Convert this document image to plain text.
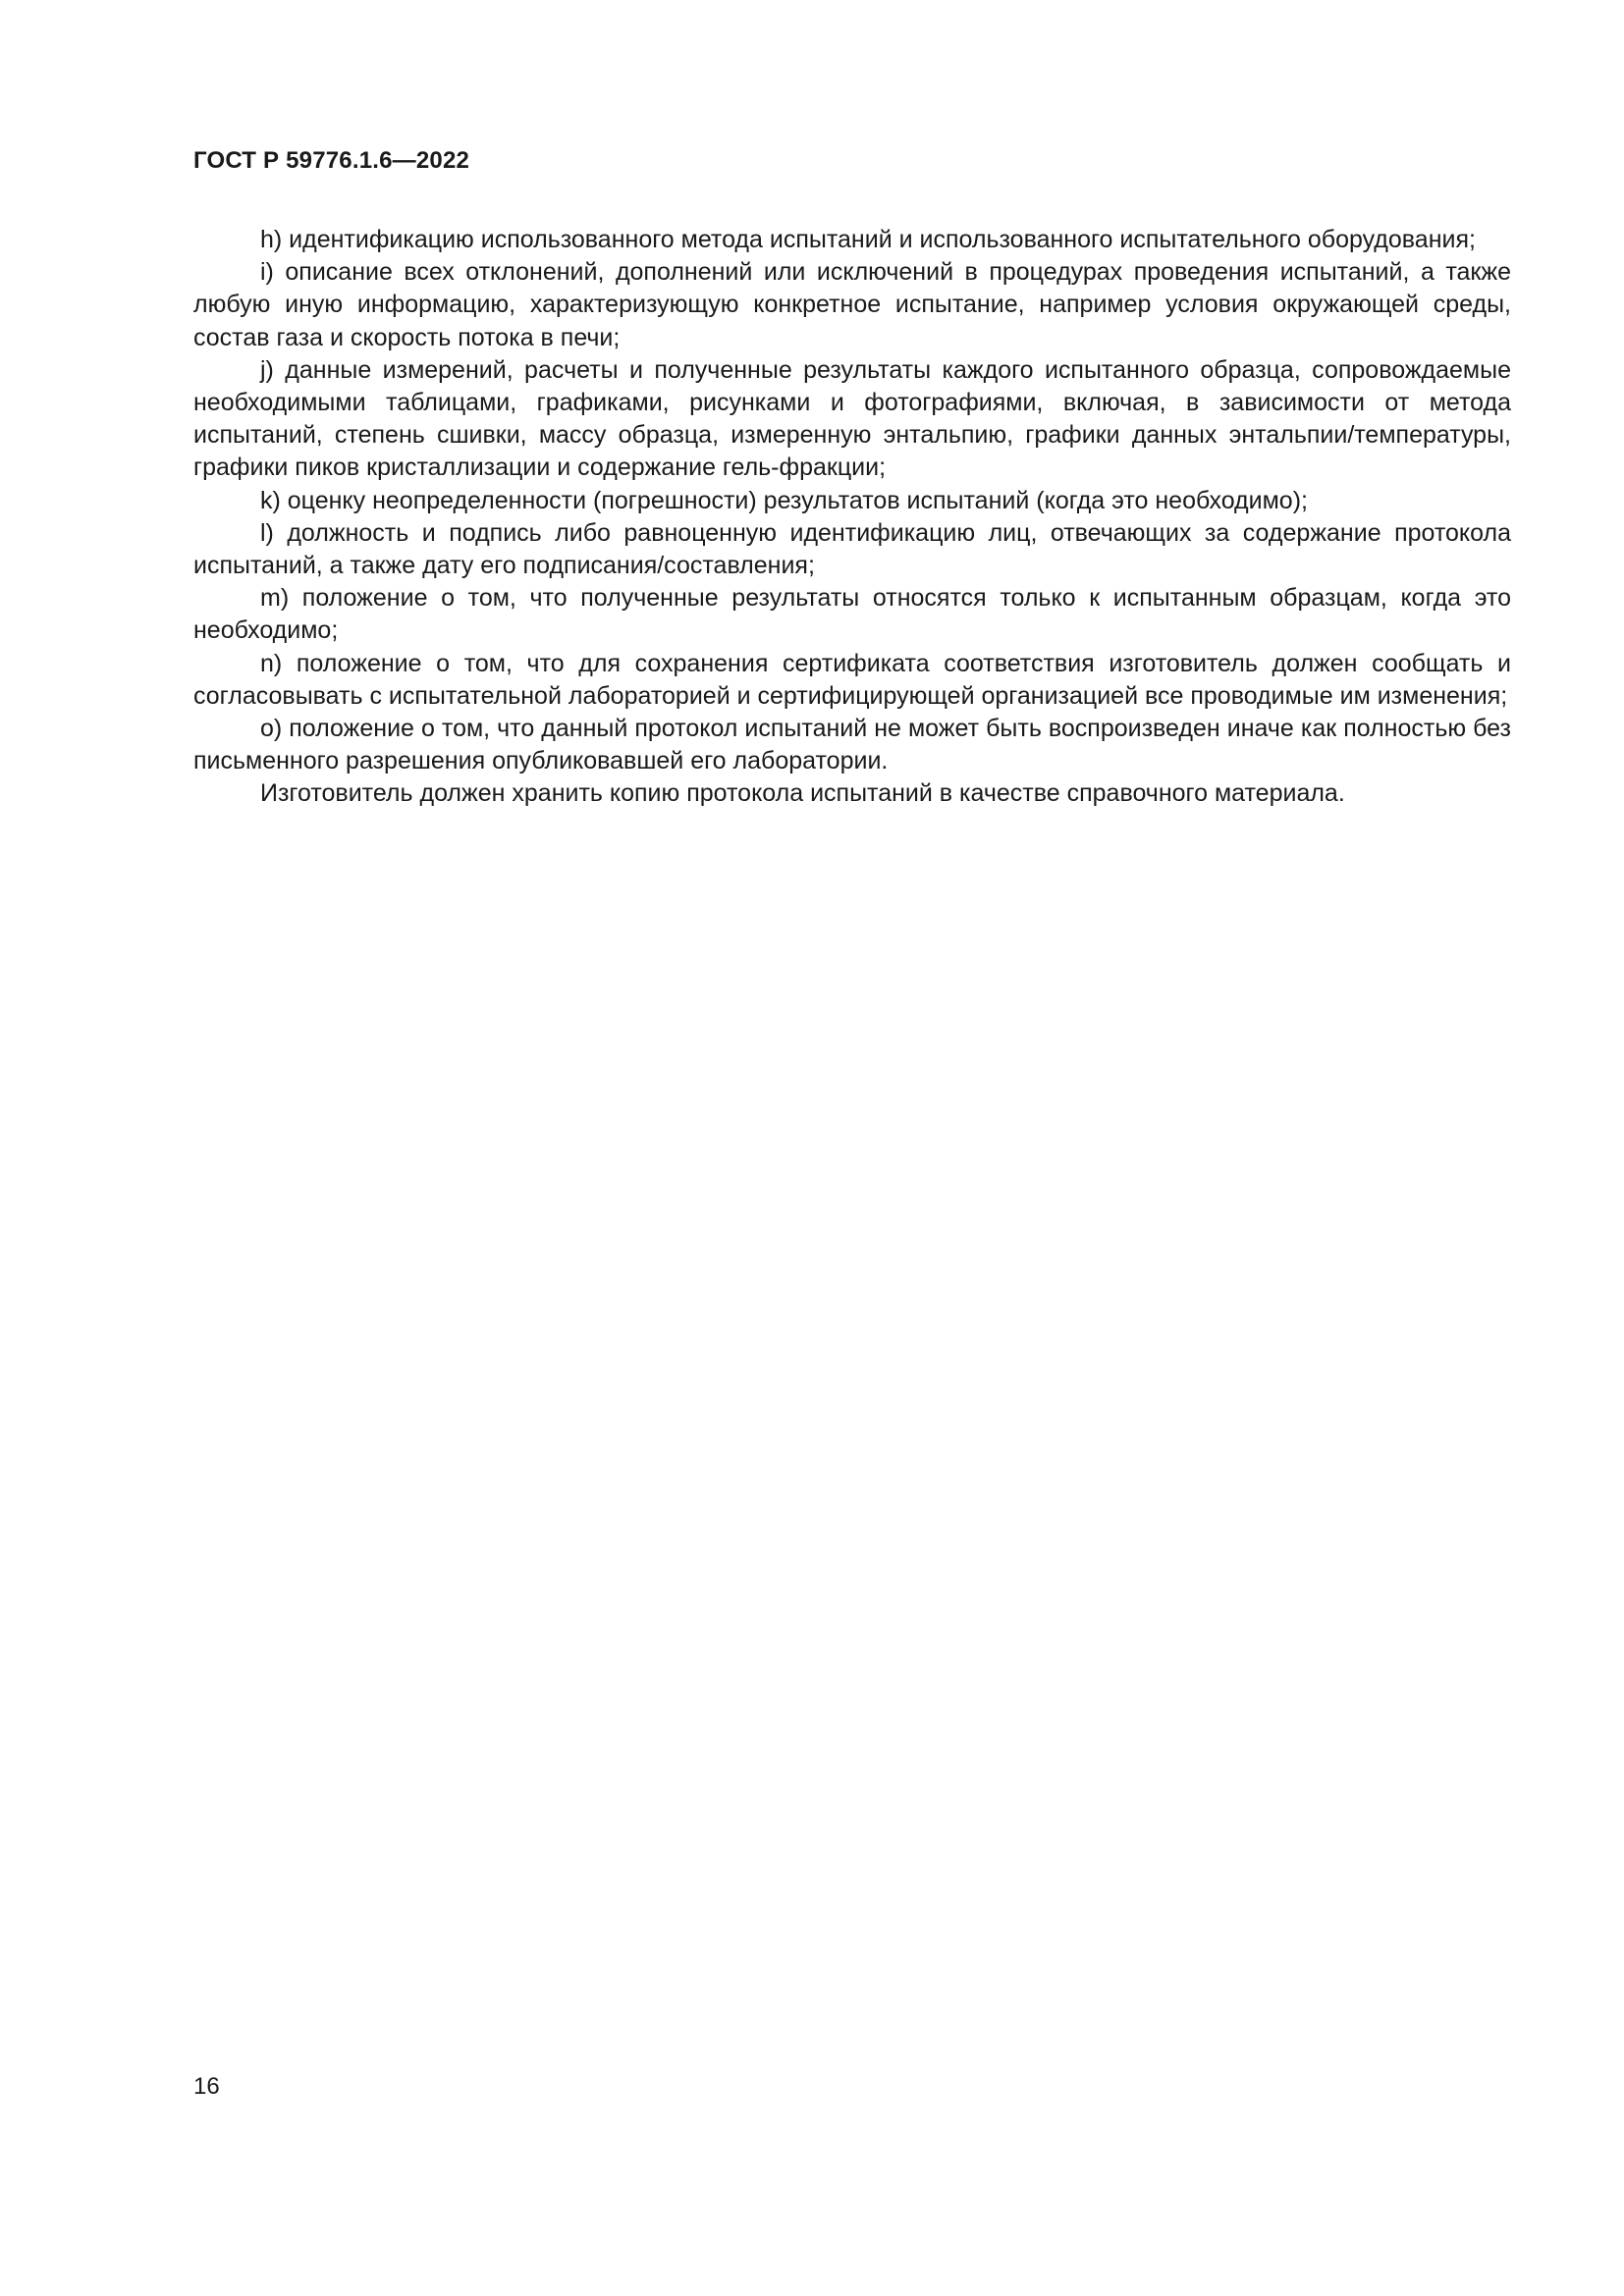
ГОСТ Р 59776.1.6—2022

h) идентификацию использованного метода испытаний и использованного испытательного оборудования;

i) описание всех отклонений, дополнений или исключений в процедурах проведения испытаний, а также любую иную информацию, характеризующую конкретное испытание, например условия окружающей среды, состав газа и скорость потока в печи;

j) данные измерений, расчеты и полученные результаты каждого испытанного образца, сопровождаемые необходимыми таблицами, графиками, рисунками и фотографиями, включая, в зависимости от метода испытаний, степень сшивки, массу образца, измеренную энтальпию, графики данных энтальпии/температуры, графики пиков кристаллизации и содержание гель-фракции;

k) оценку неопределенности (погрешности) результатов испытаний (когда это необходимо);

l) должность и подпись либо равноценную идентификацию лиц, отвечающих за содержание протокола испытаний, а также дату его подписания/составления;

m) положение о том, что полученные результаты относятся только к испытанным образцам, когда это необходимо;

n) положение о том, что для сохранения сертификата соответствия изготовитель должен сообщать и согласовывать с испытательной лабораторией и сертифицирующей организацией все проводимые им изменения;

o) положение о том, что данный протокол испытаний не может быть воспроизведен иначе как полностью без письменного разрешения опубликовавшей его лаборатории.

Изготовитель должен хранить копию протокола испытаний в качестве справочного материала.

16
